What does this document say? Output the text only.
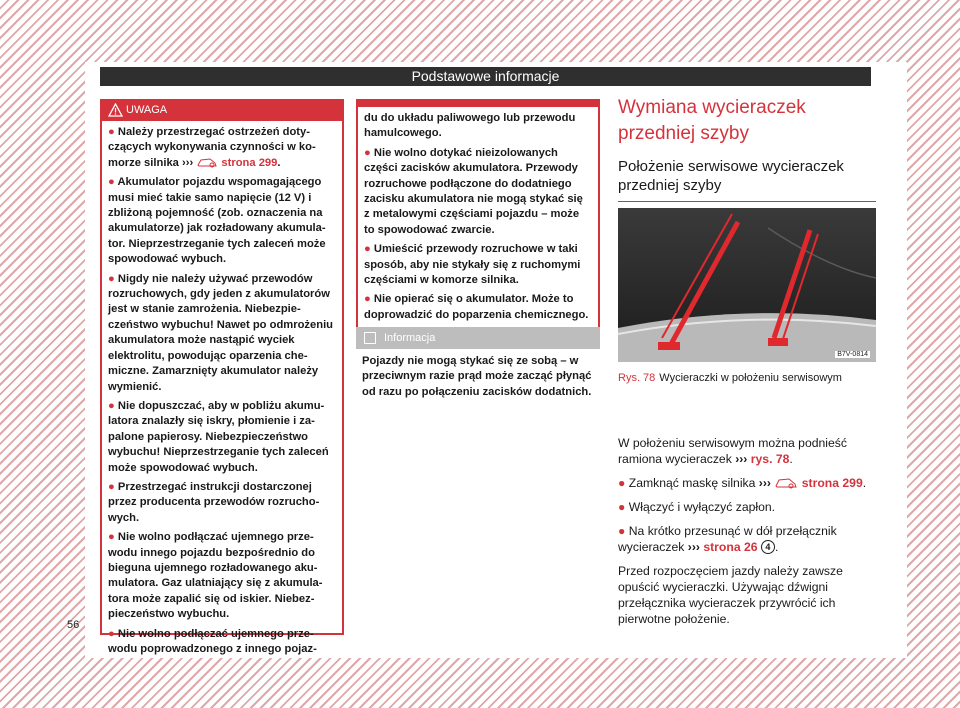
Podstawowe informacje
56
UWAGA
● Należy przestrzegać ostrzeżeń dotyczących wykonywania czynności w komorze silnika ›››	strona 299.
● Akumulator pojazdu wspomagającego musi mieć takie samo napięcie (12 V) i zbliżoną pojemność (zob. oznaczenia na akumulatorze) jak rozładowany akumulator. Nieprzestrzeganie tych zaleceń może spowodować wybuch.
● Nigdy nie należy używać przewodów rozruchowych, gdy jeden z akumulatorów jest w stanie zamrożenia. Niebezpieczeństwo wybuchu! Nawet po odmrożeniu akumulatora może nastąpić wyciek elektrolitu, powodując oparzenia chemiczne. Zamarznięty akumulator należy wymienić.
● Nie dopuszczać, aby w pobliżu akumulatora znalazły się iskry, płomienie i zapalone papierosy. Niebezpieczeństwo wybuchu! Nieprzestrzeganie tych zaleceń może spowodować wybuch.
● Przestrzegać instrukcji dostarczonej przez producenta przewodów rozruchowych.
● Nie wolno podłączać ujemnego przewodu innego pojazdu bezpośrednio do bieguna ujemnego rozładowanego akumulatora. Gaz ulatniający się z akumulatora może zapalić się od iskier. Niebezpieczeństwo wybuchu.
● Nie wolno podłączać ujemnego przewodu poprowadzonego z innego pojaz-
du do układu paliwowego lub przewodu hamulcowego.
● Nie wolno dotykać nieizolowanych części zacisków akumulatora. Przewody rozruchowe podłączone do dodatniego zacisku akumulatora nie mogą stykać się z metalowymi częściami pojazdu – może to spowodować zwarcie.
● Umieścić przewody rozruchowe w taki sposób, aby nie stykały się z ruchomymi częściami w komorze silnika.
● Nie opierać się o akumulator. Może to doprowadzić do poparzenia chemicznego.
Informacja
Pojazdy nie mogą stykać się ze sobą – w przeciwnym razie prąd może zacząć płynąć od razu po połączeniu zacisków dodatnich.
Wymiana wycieraczek przedniej szyby
Położenie serwisowe wycieraczek przedniej szyby
B7V-0814
Rys. 78 Wycieraczki w położeniu serwisowym

W położeniu serwisowym można podnieść ramiona wycieraczek ››› rys. 78.

● Zamknąć maskę silnika ›››	strona 299.

● Włączyć i wyłączyć zapłon.

● Na krótko przesunąć w dół przełącznik wycieraczek ››› strona 26 4 .

Przed rozpoczęciem jazdy należy zawsze opuścić wycieraczki. Używając dźwigni przełącznika wycieraczek przywrócić ich pierwotne położenie.
